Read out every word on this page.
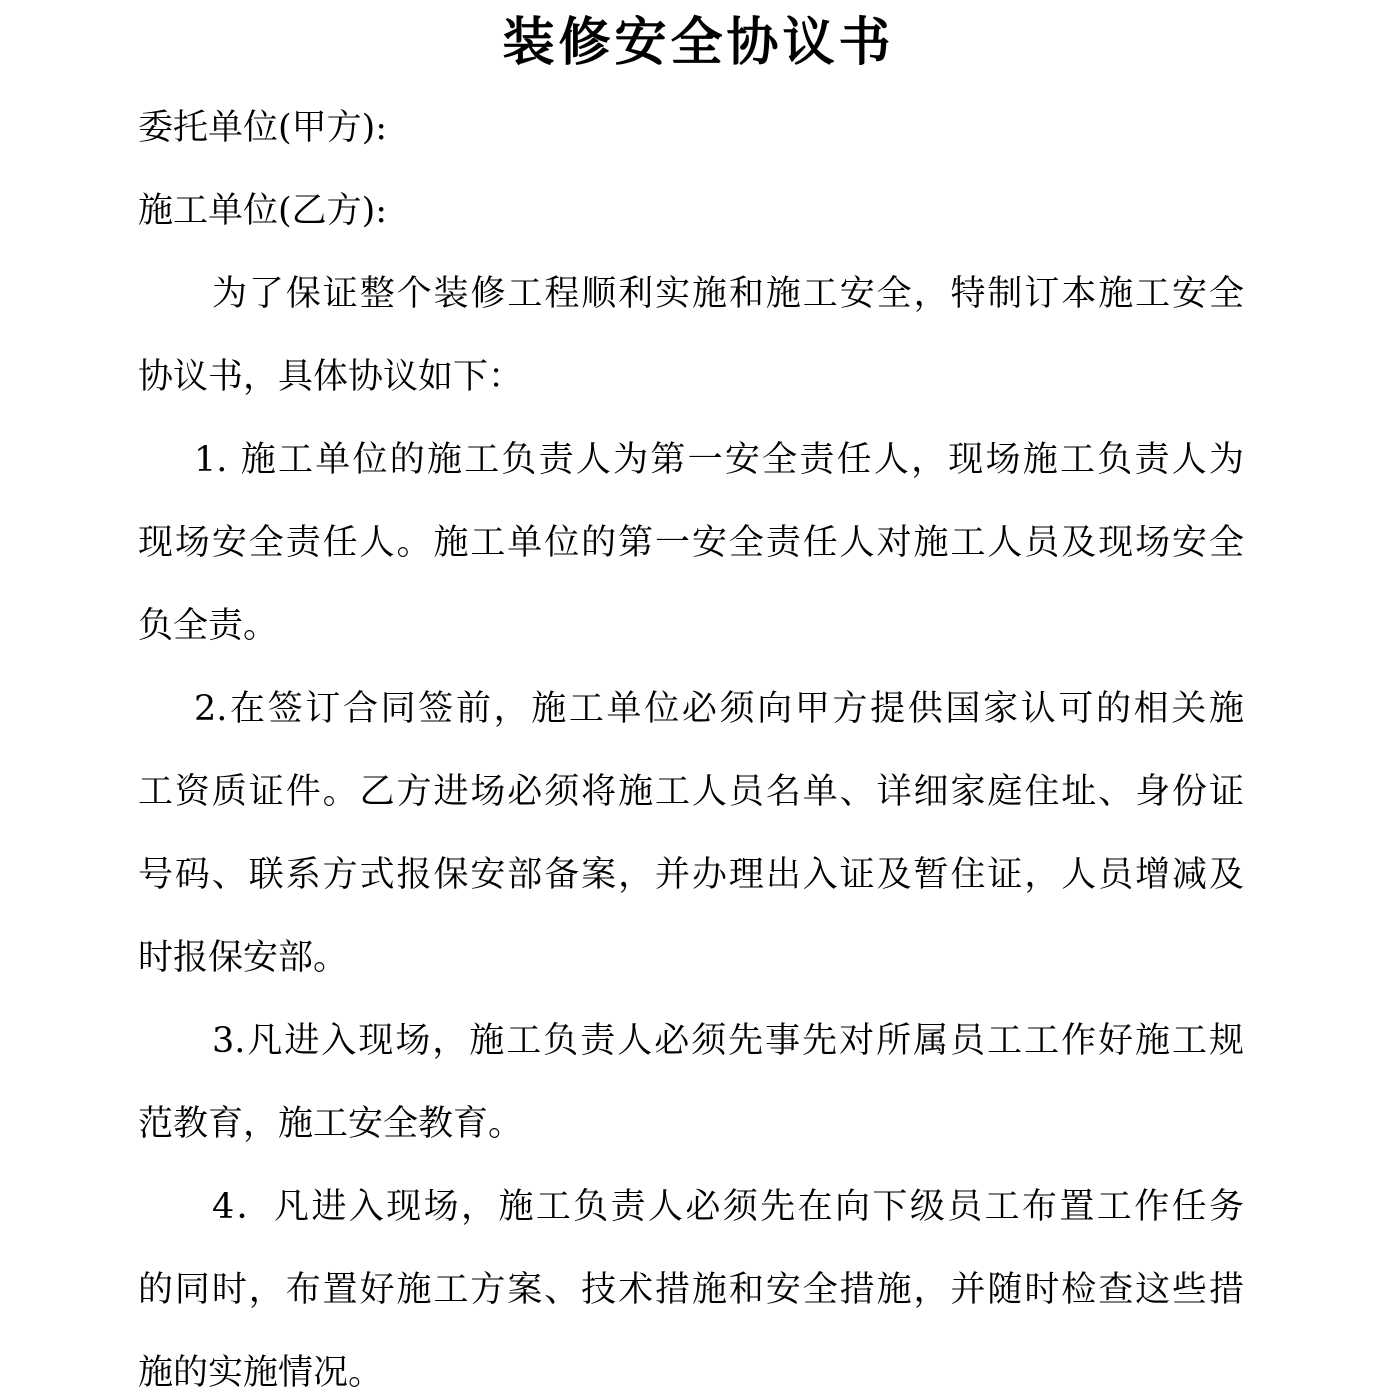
装修安全协议书
委托单位(甲方):
施工单位(乙方):
为了保证整个装修工程顺利实施和施工安全，特制订本施工安全
协议书，具体协议如下：
1. 施工单位的施工负责人为第一安全责任人，现场施工负责人为
现场安全责任人。施工单位的第一安全责任人对施工人员及现场安全
负全责。
2.在签订合同签前，施工单位必须向甲方提供国家认可的相关施
工资质证件。乙方进场必须将施工人员名单、详细家庭住址、身份证
号码、联系方式报保安部备案，并办理出入证及暂住证，人员增减及
时报保安部。
3.凡进入现场，施工负责人必须先事先对所属员工工作好施工规
范教育，施工安全教育。
4．凡进入现场，施工负责人必须先在向下级员工布置工作任务
的同时，布置好施工方案、技术措施和安全措施，并随时检查这些措
施的实施情况。
